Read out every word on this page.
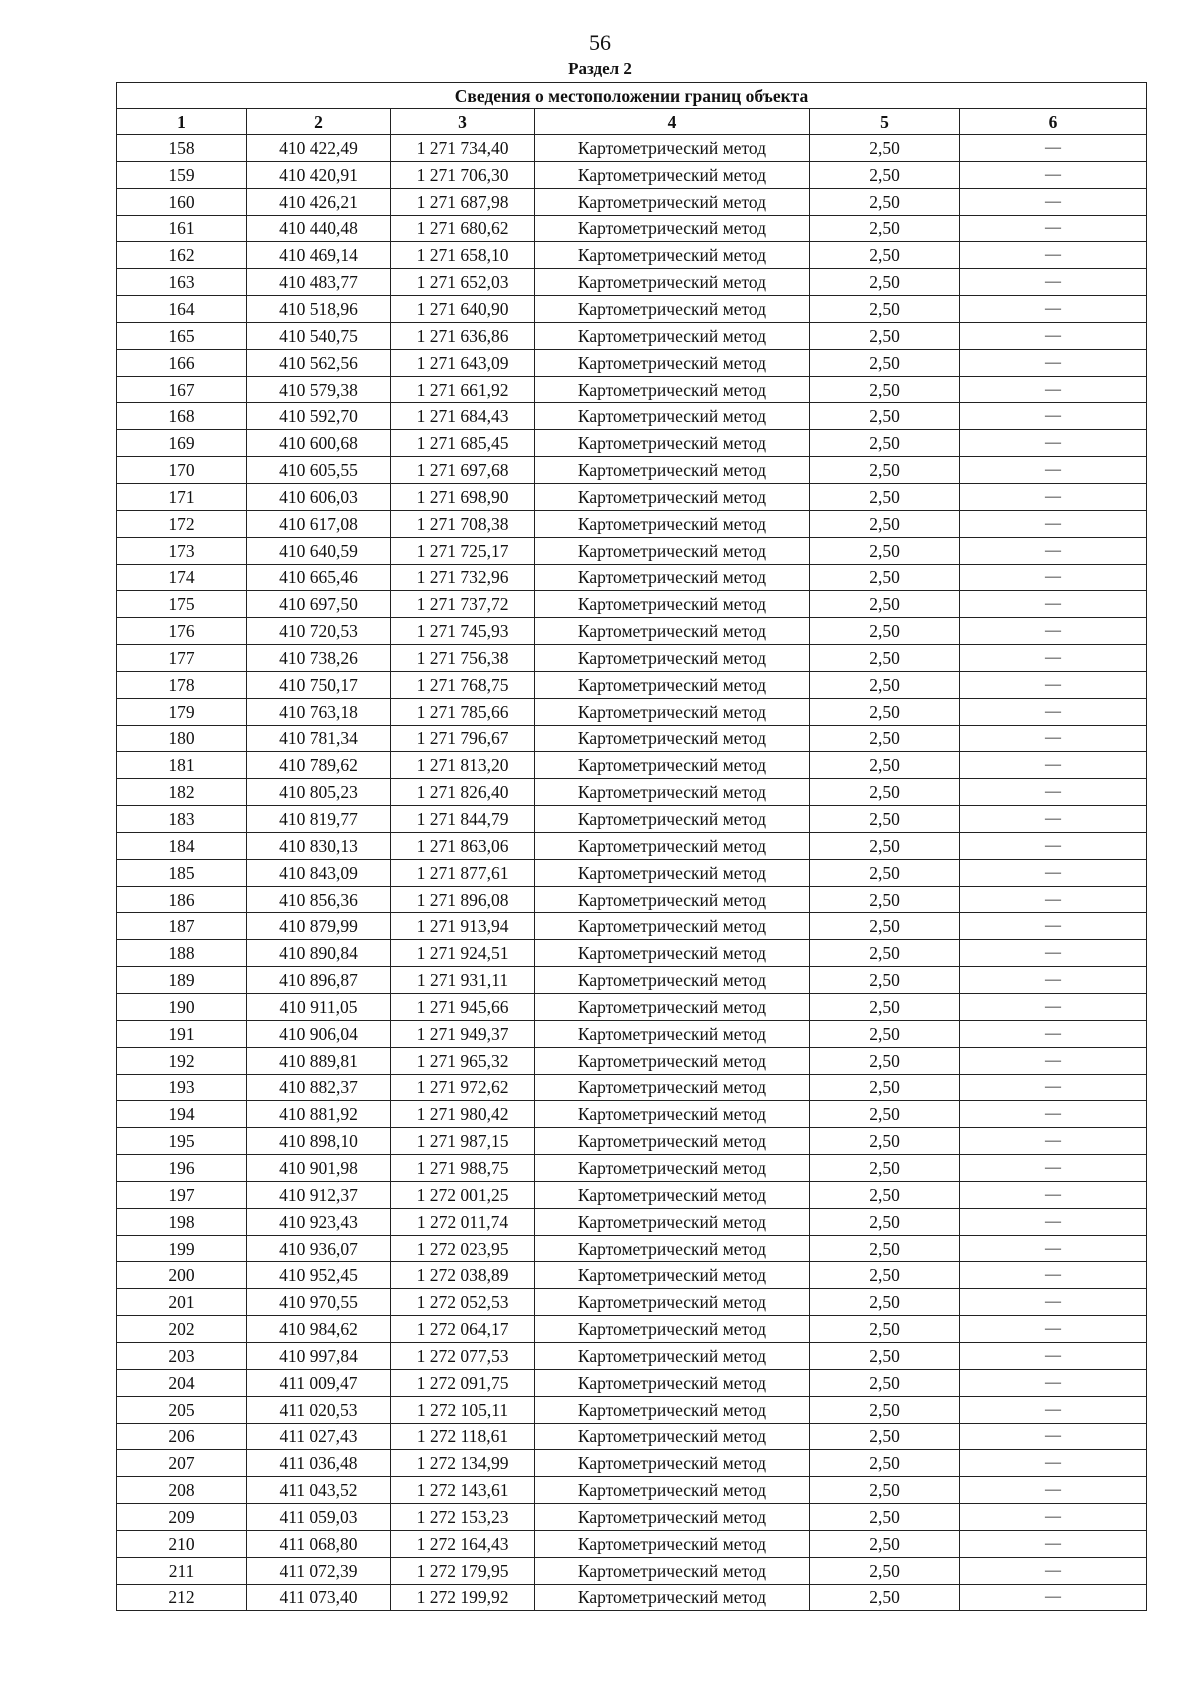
56
Раздел 2
Сведения о местоположении границ объекта					
1	2	3	4	5	6
158	410 422,49	1 271 734,40	Картометрический метод	2,50	—
159	410 420,91	1 271 706,30	Картометрический метод	2,50	—
160	410 426,21	1 271 687,98	Картометрический метод	2,50	—
161	410 440,48	1 271 680,62	Картометрический метод	2,50	—
162	410 469,14	1 271 658,10	Картометрический метод	2,50	—
163	410 483,77	1 271 652,03	Картометрический метод	2,50	—
164	410 518,96	1 271 640,90	Картометрический метод	2,50	—
165	410 540,75	1 271 636,86	Картометрический метод	2,50	—
166	410 562,56	1 271 643,09	Картометрический метод	2,50	—
167	410 579,38	1 271 661,92	Картометрический метод	2,50	—
168	410 592,70	1 271 684,43	Картометрический метод	2,50	—
169	410 600,68	1 271 685,45	Картометрический метод	2,50	—
170	410 605,55	1 271 697,68	Картометрический метод	2,50	—
171	410 606,03	1 271 698,90	Картометрический метод	2,50	—
172	410 617,08	1 271 708,38	Картометрический метод	2,50	—
173	410 640,59	1 271 725,17	Картометрический метод	2,50	—
174	410 665,46	1 271 732,96	Картометрический метод	2,50	—
175	410 697,50	1 271 737,72	Картометрический метод	2,50	—
176	410 720,53	1 271 745,93	Картометрический метод	2,50	—
177	410 738,26	1 271 756,38	Картометрический метод	2,50	—
178	410 750,17	1 271 768,75	Картометрический метод	2,50	—
179	410 763,18	1 271 785,66	Картометрический метод	2,50	—
180	410 781,34	1 271 796,67	Картометрический метод	2,50	—
181	410 789,62	1 271 813,20	Картометрический метод	2,50	—
182	410 805,23	1 271 826,40	Картометрический метод	2,50	—
183	410 819,77	1 271 844,79	Картометрический метод	2,50	—
184	410 830,13	1 271 863,06	Картометрический метод	2,50	—
185	410 843,09	1 271 877,61	Картометрический метод	2,50	—
186	410 856,36	1 271 896,08	Картометрический метод	2,50	—
187	410 879,99	1 271 913,94	Картометрический метод	2,50	—
188	410 890,84	1 271 924,51	Картометрический метод	2,50	—
189	410 896,87	1 271 931,11	Картометрический метод	2,50	—
190	410 911,05	1 271 945,66	Картометрический метод	2,50	—
191	410 906,04	1 271 949,37	Картометрический метод	2,50	—
192	410 889,81	1 271 965,32	Картометрический метод	2,50	—
193	410 882,37	1 271 972,62	Картометрический метод	2,50	—
194	410 881,92	1 271 980,42	Картометрический метод	2,50	—
195	410 898,10	1 271 987,15	Картометрический метод	2,50	—
196	410 901,98	1 271 988,75	Картометрический метод	2,50	—
197	410 912,37	1 272 001,25	Картометрический метод	2,50	—
198	410 923,43	1 272 011,74	Картометрический метод	2,50	—
199	410 936,07	1 272 023,95	Картометрический метод	2,50	—
200	410 952,45	1 272 038,89	Картометрический метод	2,50	—
201	410 970,55	1 272 052,53	Картометрический метод	2,50	—
202	410 984,62	1 272 064,17	Картометрический метод	2,50	—
203	410 997,84	1 272 077,53	Картометрический метод	2,50	—
204	411 009,47	1 272 091,75	Картометрический метод	2,50	—
205	411 020,53	1 272 105,11	Картометрический метод	2,50	—
206	411 027,43	1 272 118,61	Картометрический метод	2,50	—
207	411 036,48	1 272 134,99	Картометрический метод	2,50	—
208	411 043,52	1 272 143,61	Картометрический метод	2,50	—
209	411 059,03	1 272 153,23	Картометрический метод	2,50	—
210	411 068,80	1 272 164,43	Картометрический метод	2,50	—
211	411 072,39	1 272 179,95	Картометрический метод	2,50	—
212	411 073,40	1 272 199,92	Картометрический метод	2,50	—
